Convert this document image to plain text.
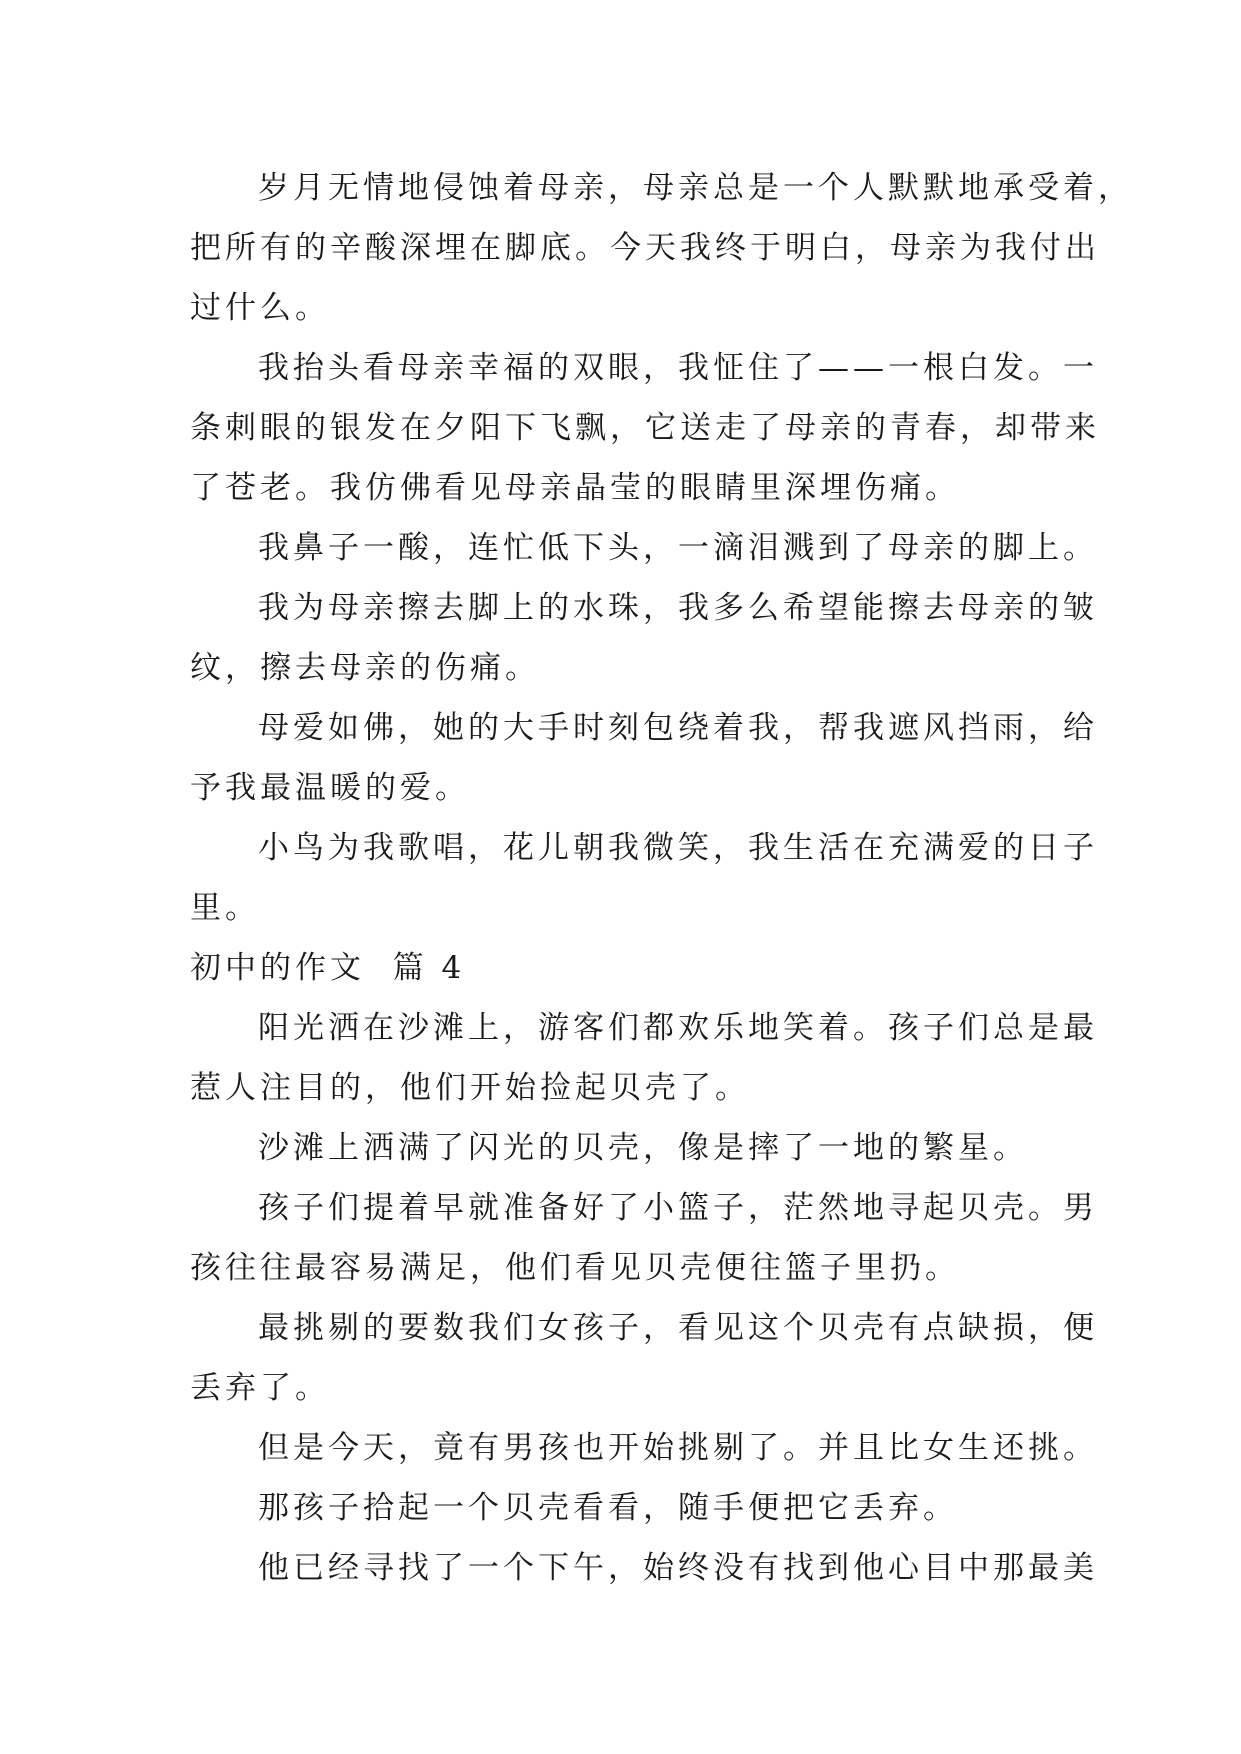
岁月无情地侵蚀着母亲，母亲总是一个人默默地承受着，
把所有的辛酸深埋在脚底。今天我终于明白，母亲为我付出
过什么。
我抬头看母亲幸福的双眼，我怔住了——一根白发。一
条刺眼的银发在夕阳下飞飘，它送走了母亲的青春，却带来
了苍老。我仿佛看见母亲晶莹的眼睛里深埋伤痛。
我鼻子一酸，连忙低下头，一滴泪溅到了母亲的脚上。
我为母亲擦去脚上的水珠，我多么希望能擦去母亲的皱
纹，擦去母亲的伤痛。
母爱如佛，她的大手时刻包绕着我，帮我遮风挡雨，给
予我最温暖的爱。
小鸟为我歌唱，花儿朝我微笑，我生活在充满爱的日子
里。
初中的作文  篇 4
阳光洒在沙滩上，游客们都欢乐地笑着。孩子们总是最
惹人注目的，他们开始捡起贝壳了。
沙滩上洒满了闪光的贝壳，像是摔了一地的繁星。
孩子们提着早就准备好了小篮子，茫然地寻起贝壳。男
孩往往最容易满足，他们看见贝壳便往篮子里扔。
最挑剔的要数我们女孩子，看见这个贝壳有点缺损，便
丢弃了。
但是今天，竟有男孩也开始挑剔了。并且比女生还挑。
那孩子拾起一个贝壳看看，随手便把它丢弃。
他已经寻找了一个下午，始终没有找到他心目中那最美
